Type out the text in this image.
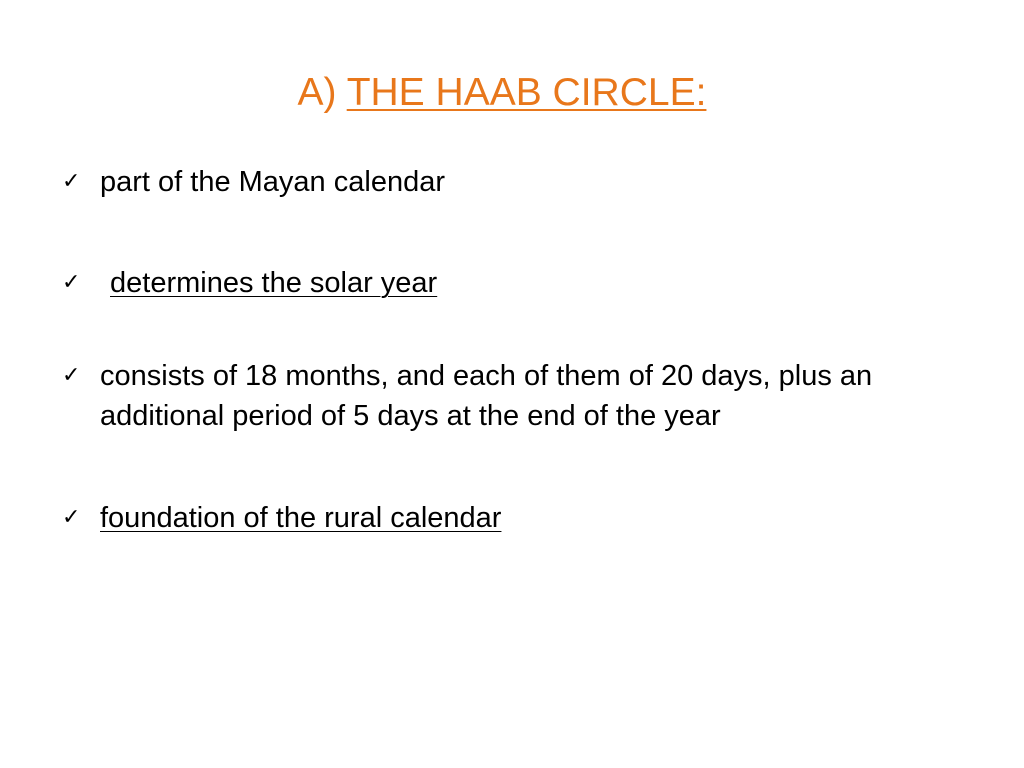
A) THE HAAB CIRCLE:
✓ part of the Mayan calendar
✓	determines the solar year
✓ consists of 18 months, and each of them of 20 days, plus an additional period of 5 days at the end of the year
✓ foundation of the rural calendar
